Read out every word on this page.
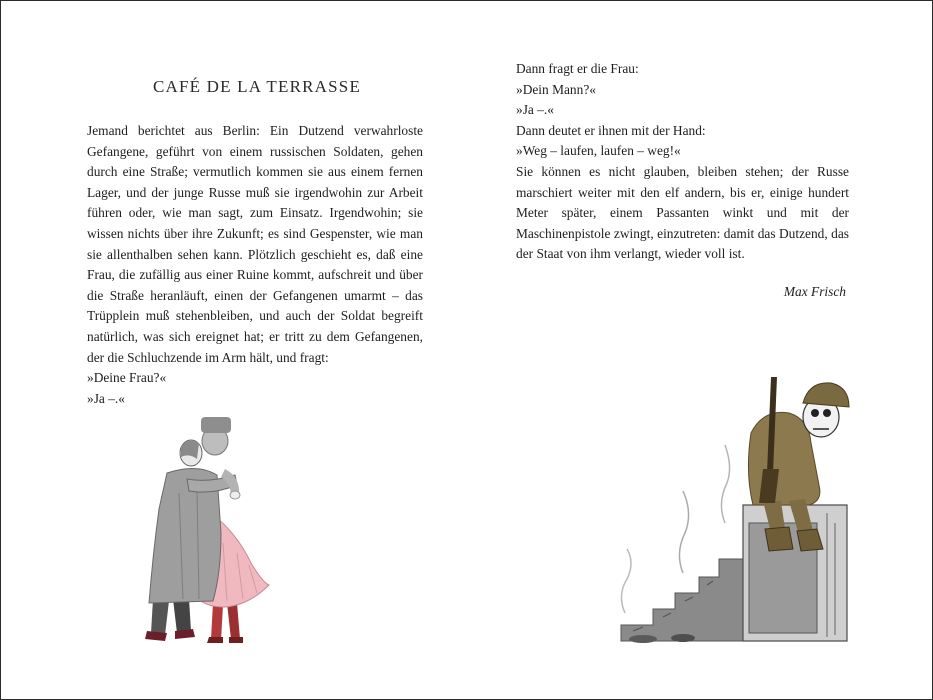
CAFÉ DE LA TERRASSE

Jemand berichtet aus Berlin: Ein Dutzend verwahrloste Gefangene, geführt von einem russischen Soldaten, gehen durch eine Straße; vermutlich kommen sie aus einem fernen Lager, und der junge Russe muß sie irgendwohin zur Arbeit führen oder, wie man sagt, zum Einsatz. Irgendwohin; sie wissen nichts über ihre Zukunft; es sind Gespenster, wie man sie allenthalben sehen kann. Plötzlich geschieht es, daß eine Frau, die zufällig aus einer Ruine kommt, aufschreit und über die Straße heranläuft, einen der Gefangenen umarmt – das Trüpplein muß stehenbleiben, und auch der Soldat begreift natürlich, was sich ereignet hat; er tritt zu dem Gefangenen, der die Schluchzende im Arm hält, und fragt:

»Deine Frau?«

»Ja –.«

Dann fragt er die Frau:

»Dein Mann?«

»Ja –.«

Dann deutet er ihnen mit der Hand:

»Weg – laufen, laufen – weg!«

Sie können es nicht glauben, bleiben stehen; der Russe marschiert weiter mit den elf andern, bis er, einige hundert Meter später, einem Passanten winkt und mit der Maschinenpistole zwingt, einzutreten: damit das Dutzend, das der Staat von ihm verlangt, wieder voll ist.

Max Frisch
